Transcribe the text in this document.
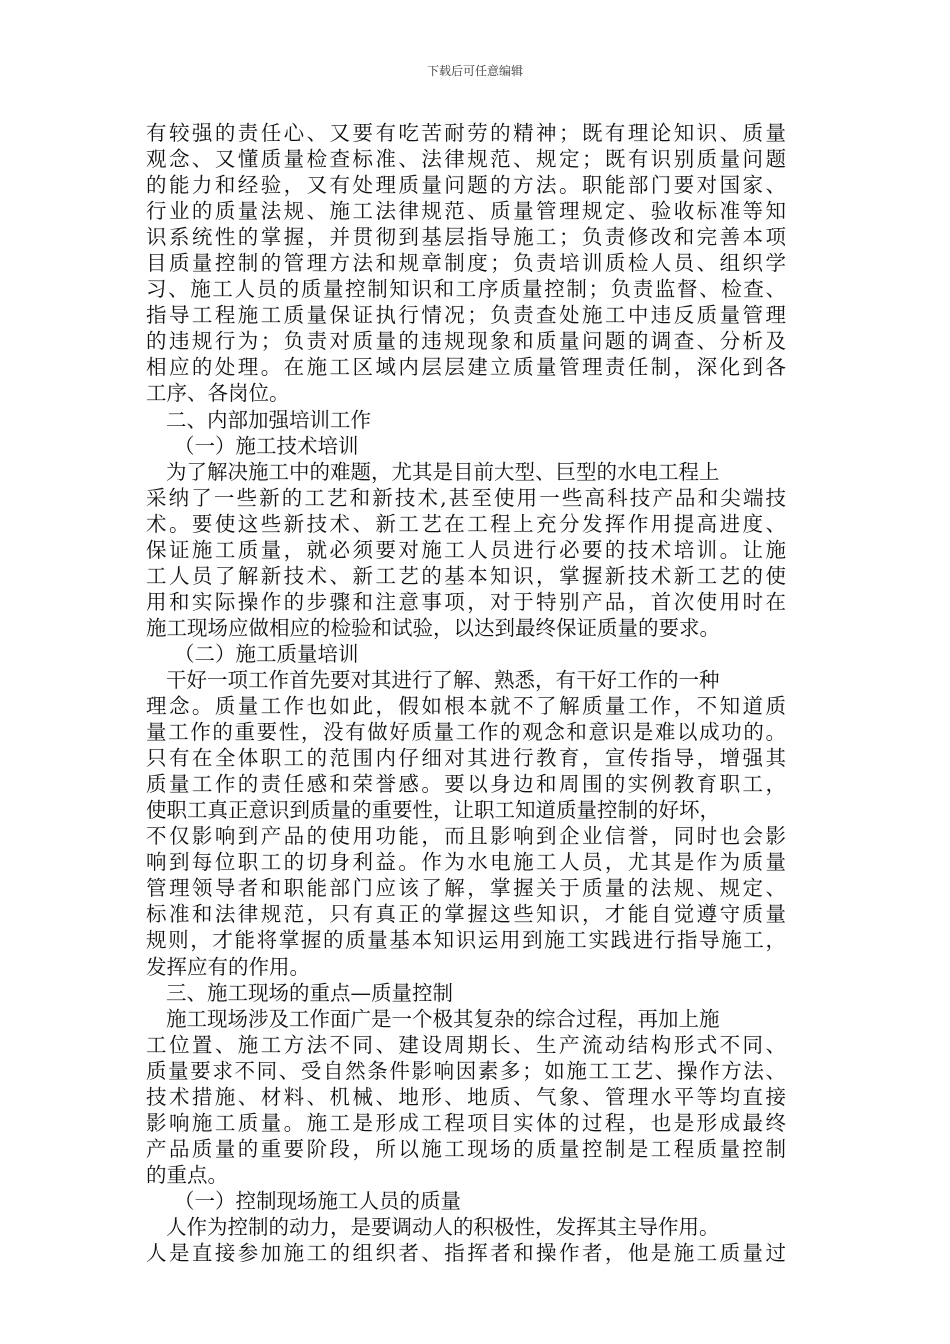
下载后可任意编辑
有较强的责任心、又要有吃苦耐劳的精神；既有理论知识、质量
观念、又懂质量检查标准、法律规范、规定；既有识别质量问题
的能力和经验，又有处理质量问题的方法。职能部门要对国家、
行业的质量法规、施工法律规范、质量管理规定、验收标准等知
识系统性的掌握，并贯彻到基层指导施工；负责修改和完善本项
目质量控制的管理方法和规章制度；负责培训质检人员、组织学
习、施工人员的质量控制知识和工序质量控制；负责监督、检查、
指导工程施工质量保证执行情况；负责查处施工中违反质量管理
的违规行为；负责对质量的违规现象和质量问题的调查、分析及
相应的处理。在施工区域内层层建立质量管理责任制，深化到各
工序、各岗位。
二、内部加强培训工作
（一）施工技术培训
为了解决施工中的难题，尤其是目前大型、巨型的水电工程上
采纳了一些新的工艺和新技术,甚至使用一些高科技产品和尖端技
术。要使这些新技术、新工艺在工程上充分发挥作用提高进度、
保证施工质量，就必须要对施工人员进行必要的技术培训。让施
工人员了解新技术、新工艺的基本知识，掌握新技术新工艺的使
用和实际操作的步骤和注意事项，对于特别产品，首次使用时在
施工现场应做相应的检验和试验，以达到最终保证质量的要求。
（二）施工质量培训
干好一项工作首先要对其进行了解、熟悉，有干好工作的一种
理念。质量工作也如此，假如根本就不了解质量工作，不知道质
量工作的重要性，没有做好质量工作的观念和意识是难以成功的。
只有在全体职工的范围内仔细对其进行教育，宣传指导，增强其
质量工作的责任感和荣誉感。要以身边和周围的实例教育职工，
使职工真正意识到质量的重要性，让职工知道质量控制的好坏，
不仅影响到产品的使用功能，而且影响到企业信誉，同时也会影
响到每位职工的切身利益。作为水电施工人员，尤其是作为质量
管理领导者和职能部门应该了解，掌握关于质量的法规、规定、
标准和法律规范，只有真正的掌握这些知识，才能自觉遵守质量
规则，才能将掌握的质量基本知识运用到施工实践进行指导施工，
发挥应有的作用。
三、施工现场的重点—质量控制
施工现场涉及工作面广是一个极其复杂的综合过程，再加上施
工位置、施工方法不同、建设周期长、生产流动结构形式不同、
质量要求不同、受自然条件影响因素多；如施工工艺、操作方法、
技术措施、材料、机械、地形、地质、气象、管理水平等均直接
影响施工质量。施工是形成工程项目实体的过程，也是形成最终
产品质量的重要阶段，所以施工现场的质量控制是工程质量控制
的重点。
（一）控制现场施工人员的质量
人作为控制的动力，是要调动人的积极性，发挥其主导作用。
人是直接参加施工的组织者、指挥者和操作者，他是施工质量过
